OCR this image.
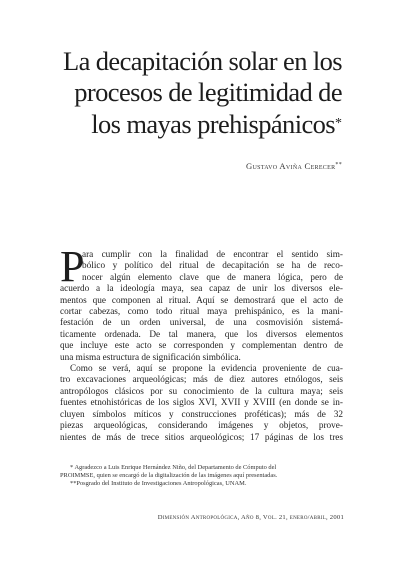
La decapitación solar en los
procesos de legitimidad de
los mayas prehispánicos*
Gustavo Aviña Cerecer**
P

ara cumplir con la finalidad de encontrar el sentido sim-
bólico y político del ritual de decapitación se ha de reco-
nocer algún elemento clave que de manera lógica, pero de
acuerdo a la ideología maya, sea capaz de unir los diversos ele-
mentos que componen al ritual. Aquí se demostrará que el acto de
cortar cabezas, como todo ritual maya prehispánico, es la mani-
festación de un orden universal, de una cosmovisión sistemá-
ticamente ordenada. De tal manera, que los diversos elementos
que incluye este acto se corresponden y complementan dentro de
una misma estructura de significación simbólica.

Como se verá, aquí se propone la evidencia proveniente de cua-
tro excavaciones arqueológicas; más de diez autores etnólogos, seis
antropólogos clásicos por su conocimiento de la cultura maya; seis
fuentes etnohistóricas de los siglos XVI, XVII y XVIII (en donde se in-
cluyen símbolos míticos y construcciones proféticas); más de 32
piezas arqueológicas, considerando imágenes y objetos, prove-
nientes de más de trece sitios arqueológicos; 17 páginas de los tres

* Agradezco a Luis Enrique Hernández Niño, del Departamento de Cómputo del
PROIMMSE, quien se encargó de la digitalización de las imágenes aquí presentadas.
**Posgrado del Instituto de Investigaciones Antropológicas, UNAM.
Dimensión Antropológica, Año 8, Vol. 21, enero/abril, 2001
